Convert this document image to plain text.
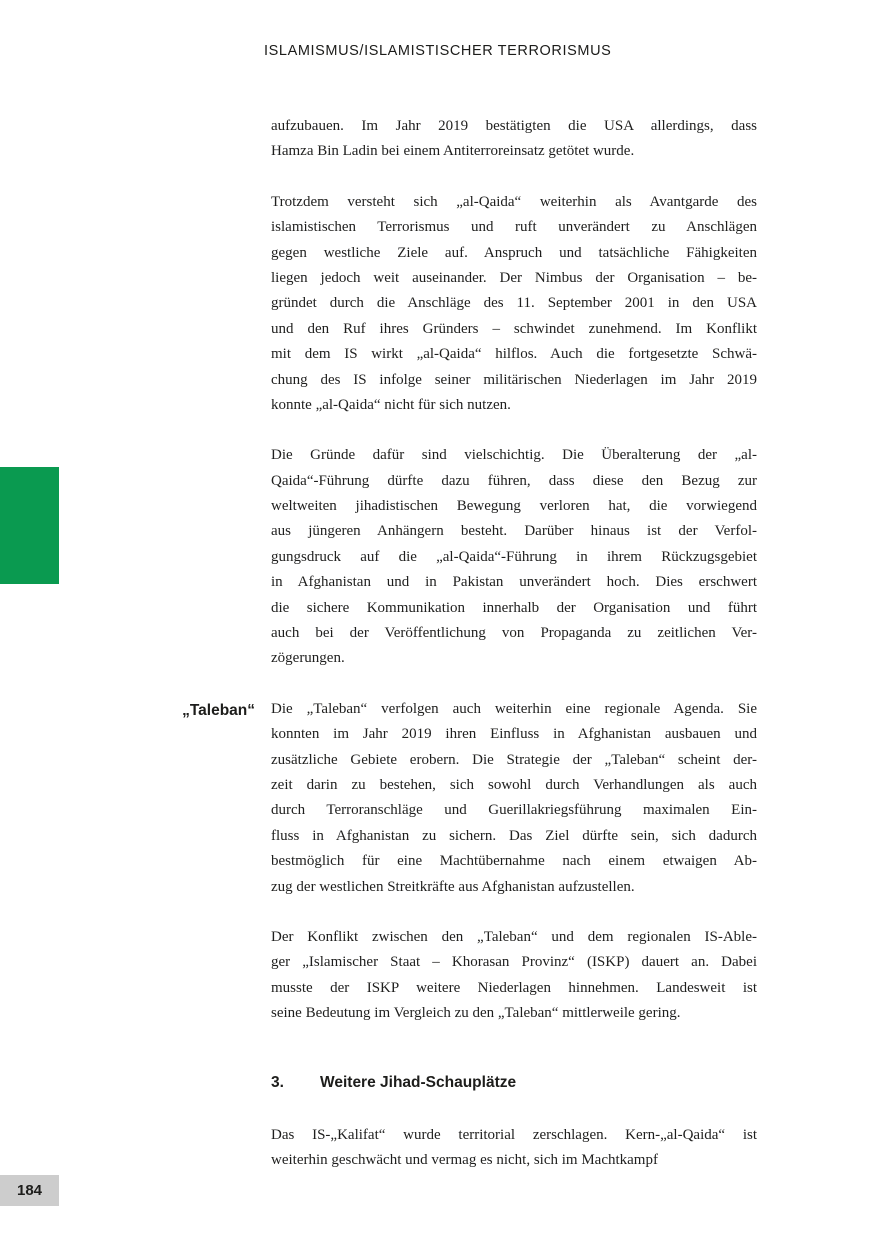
ISLAMISMUS/ISLAMISTISCHER TERRORISMUS
aufzubauen. Im Jahr 2019 bestätigten die USA allerdings, dass
Hamza Bin Ladin bei einem Antiterroreinsatz getötet wurde.
Trotzdem versteht sich „al-Qaida“ weiterhin als Avantgarde des
islamistischen Terrorismus und ruft unverändert zu Anschlägen
gegen westliche Ziele auf. Anspruch und tatsächliche Fähigkeiten
liegen jedoch weit auseinander. Der Nimbus der Organisation – be-
gründet durch die Anschläge des 11. September 2001 in den USA
und den Ruf ihres Gründers – schwindet zunehmend. Im Konflikt
mit dem IS wirkt „al-Qaida“ hilflos. Auch die fortgesetzte Schwä-
chung des IS infolge seiner militärischen Niederlagen im Jahr 2019
konnte „al-Qaida“ nicht für sich nutzen.
Die Gründe dafür sind vielschichtig. Die Überalterung der „al-
Qaida“-Führung dürfte dazu führen, dass diese den Bezug zur
weltweiten jihadistischen Bewegung verloren hat, die vorwiegend
aus jüngeren Anhängern besteht. Darüber hinaus ist der Verfol-
gungsdruck auf die „al-Qaida“-Führung in ihrem Rückzugsgebiet
in Afghanistan und in Pakistan unverändert hoch. Dies erschwert
die sichere Kommunikation innerhalb der Organisation und führt
auch bei der Veröffentlichung von Propaganda zu zeitlichen Ver-
zögerungen.
„Taleban“ Die „Taleban“ verfolgen auch weiterhin eine regionale Agenda. Sie
konnten im Jahr 2019 ihren Einfluss in Afghanistan ausbauen und
zusätzliche Gebiete erobern. Die Strategie der „Taleban“ scheint der-
zeit darin zu bestehen, sich sowohl durch Verhandlungen als auch
durch Terroranschläge und Guerillakriegsführung maximalen Ein-
fluss in Afghanistan zu sichern. Das Ziel dürfte sein, sich dadurch
bestmöglich für eine Machtübernahme nach einem etwaigen Ab-
zug der westlichen Streitkräfte aus Afghanistan aufzustellen.
Der Konflikt zwischen den „Taleban“ und dem regionalen IS-Able-
ger „Islamischer Staat – Khorasan Provinz“ (ISKP) dauert an. Dabei
musste der ISKP weitere Niederlagen hinnehmen. Landesweit ist
seine Bedeutung im Vergleich zu den „Taleban“ mittlerweile gering.
3.	Weitere Jihad-Schauplätze
Das IS-„Kalifat“ wurde territorial zerschlagen. Kern-„al-Qaida“ ist
weiterhin geschwächt und vermag es nicht, sich im Machtkampf
184
